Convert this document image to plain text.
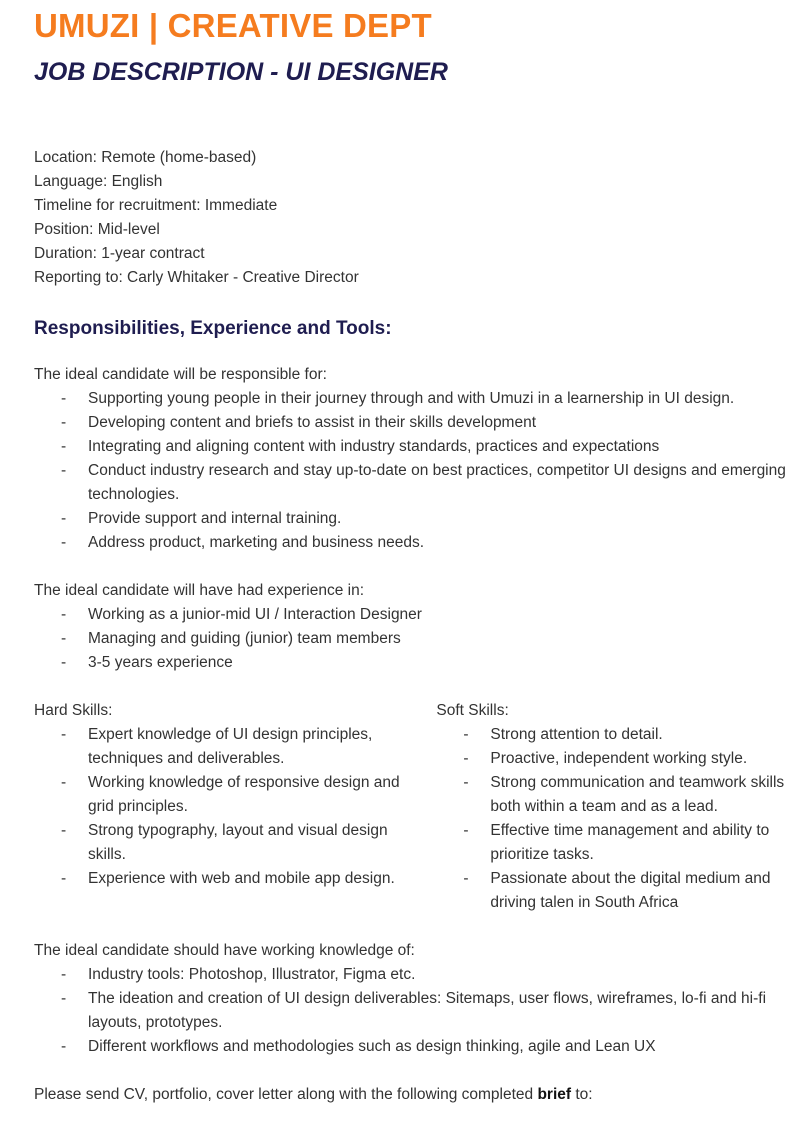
UMUZI | CREATIVE DEPT
JOB DESCRIPTION - UI DESIGNER
Location: Remote (home-based)
Language: English
Timeline for recruitment: Immediate
Position: Mid-level
Duration: 1-year contract
Reporting to: Carly Whitaker - Creative Director
Responsibilities, Experience and Tools:
The ideal candidate will be responsible for:
- Supporting young people in their journey through and with Umuzi in a learnership in UI design.
- Developing content and briefs to assist in their skills development
- Integrating and aligning content with industry standards, practices and expectations
- Conduct industry research and stay up-to-date on best practices, competitor UI designs and emerging technologies.
- Provide support and internal training.
- Address product, marketing and business needs.
The ideal candidate will have had experience in:
- Working as a junior-mid UI / Interaction Designer
- Managing and guiding (junior) team members
- 3-5 years experience
Hard Skills:
- Expert knowledge of UI design principles, techniques and deliverables.
- Working knowledge of responsive design and grid principles.
- Strong typography, layout and visual design skills.
- Experience with web and mobile app design.
Soft Skills:
- Strong attention to detail.
- Proactive, independent working style.
- Strong communication and teamwork skills both within a team and as a lead.
- Effective time management and ability to prioritize tasks.
- Passionate about the digital medium and driving talen in South Africa
The ideal candidate should have working knowledge of:
- Industry tools: Photoshop, Illustrator, Figma etc.
- The ideation and creation of UI design deliverables: Sitemaps, user flows, wireframes, lo-fi and hi-fi layouts, prototypes.
- Different workflows and methodologies such as design thinking, agile and Lean UX
Please send CV, portfolio, cover letter along with the following completed brief to:
